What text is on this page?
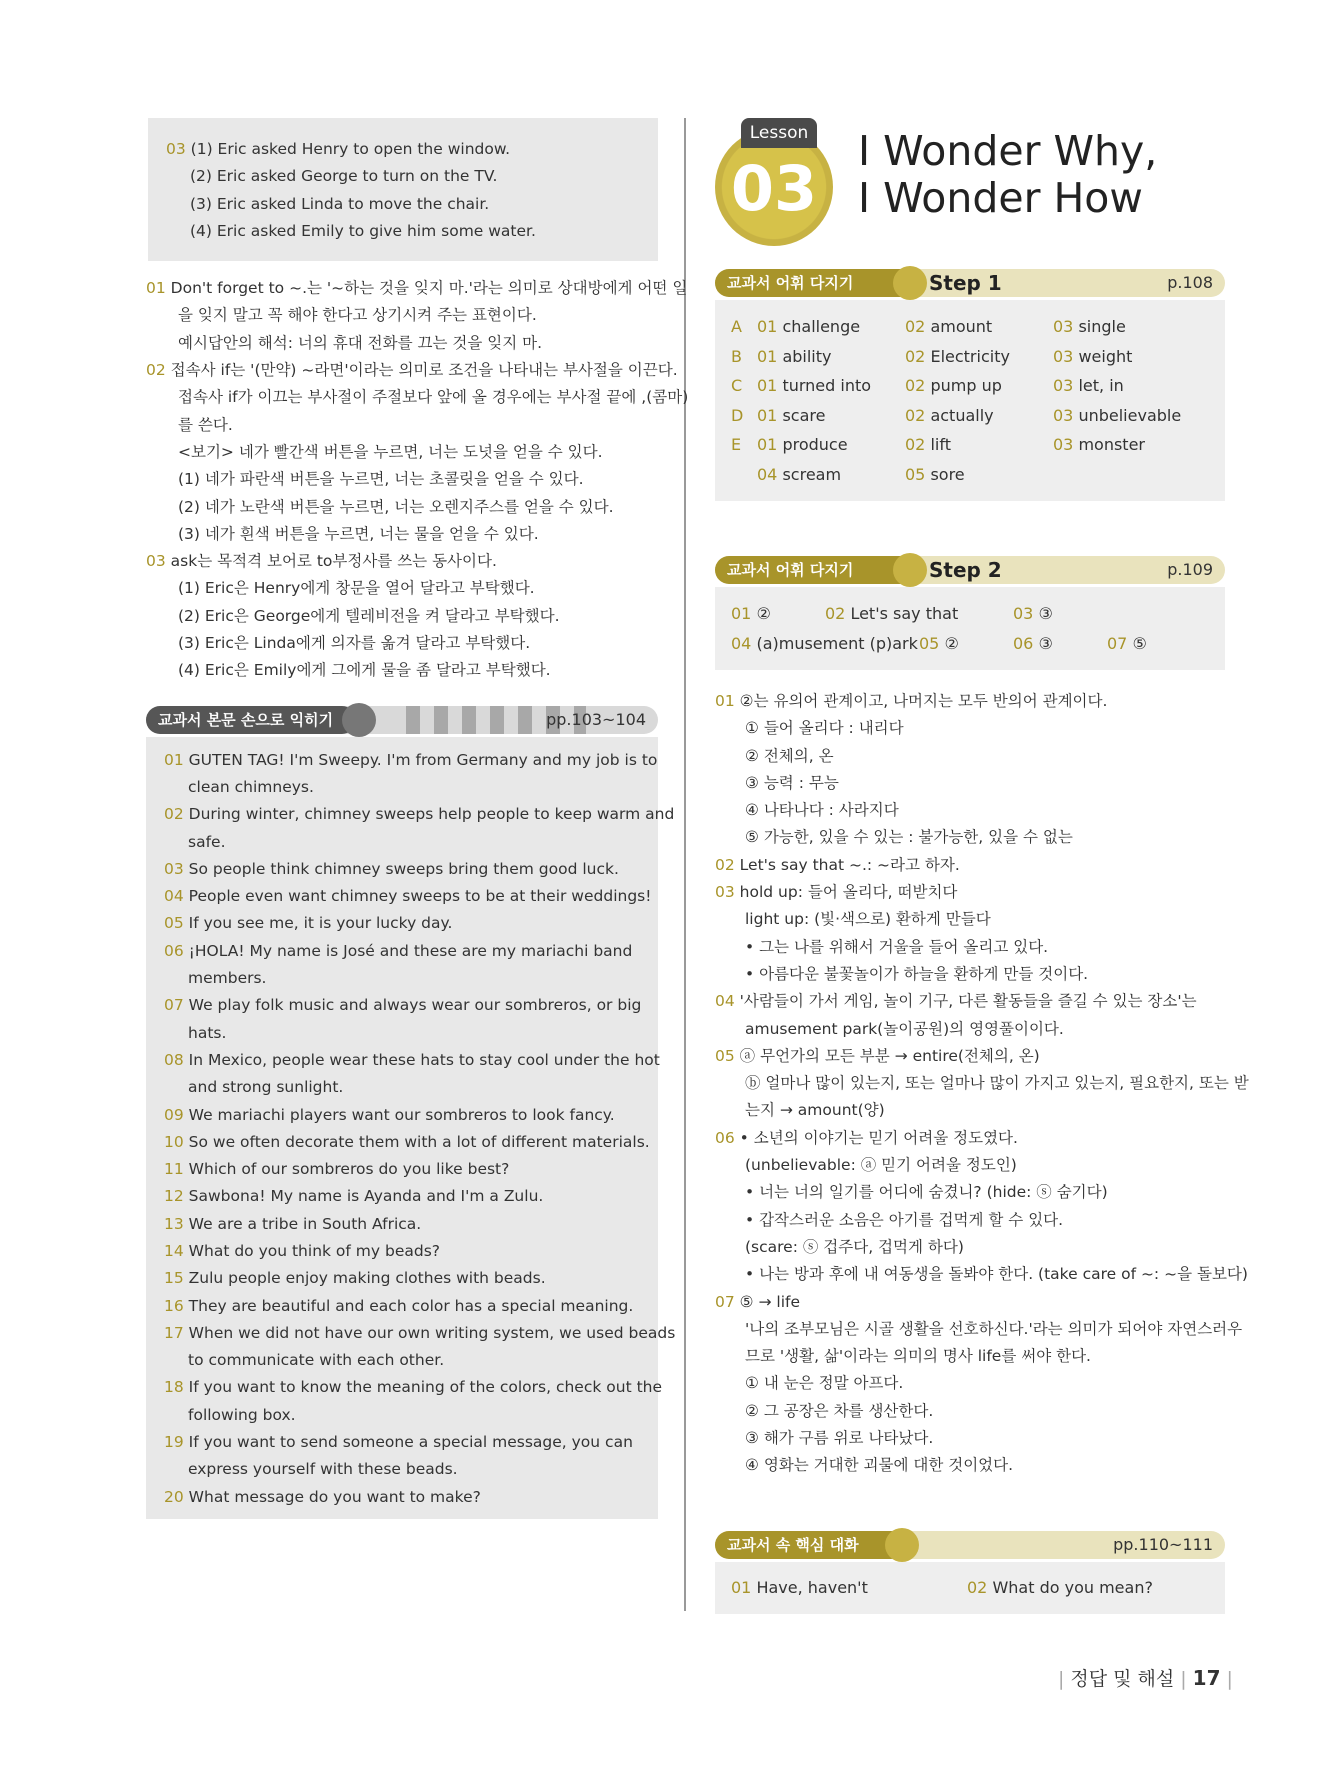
03 (1) Eric asked Henry to open the window.
(2) Eric asked George to turn on the TV.
(3) Eric asked Linda to move the chair.
(4) Eric asked Emily to give him some water.
01 Don't forget to ~.는 '~하는 것을 잊지 마.'라는 의미로 상대방에게 어떤 일
을 잊지 말고 꼭 해야 한다고 상기시켜 주는 표현이다.
예시답안의 해석: 너의 휴대 전화를 끄는 것을 잊지 마.
02 접속사 if는 '(만약) ~라면'이라는 의미로 조건을 나타내는 부사절을 이끈다.
접속사 if가 이끄는 부사절이 주절보다 앞에 올 경우에는 부사절 끝에 ,(콤마)
를 쓴다.
<보기> 네가 빨간색 버튼을 누르면, 너는 도넛을 얻을 수 있다.
(1) 네가 파란색 버튼을 누르면, 너는 초콜릿을 얻을 수 있다.
(2) 네가 노란색 버튼을 누르면, 너는 오렌지주스를 얻을 수 있다.
(3) 네가 흰색 버튼을 누르면, 너는 물을 얻을 수 있다.
03 ask는 목적격 보어로 to부정사를 쓰는 동사이다.
(1) Eric은 Henry에게 창문을 열어 달라고 부탁했다.
(2) Eric은 George에게 텔레비전을 켜 달라고 부탁했다.
(3) Eric은 Linda에게 의자를 옮겨 달라고 부탁했다.
(4) Eric은 Emily에게 그에게 물을 좀 달라고 부탁했다.
교과서 본문 손으로 익히기	pp.103~104
01 GUTEN TAG! I'm Sweepy. I'm from Germany and my job is to
clean chimneys.
02 During winter, chimney sweeps help people to keep warm and
safe.
03 So people think chimney sweeps bring them good luck.
04 People even want chimney sweeps to be at their weddings!
05 If you see me, it is your lucky day.
06 ¡HOLA! My name is José and these are my mariachi band
members.
07 We play folk music and always wear our sombreros, or big
hats.
08 In Mexico, people wear these hats to stay cool under the hot
and strong sunlight.
09 We mariachi players want our sombreros to look fancy.
10 So we often decorate them with a lot of different materials.
11 Which of our sombreros do you like best?
12 Sawbona! My name is Ayanda and I'm a Zulu.
13 We are a tribe in South Africa.
14 What do you think of my beads?
15 Zulu people enjoy making clothes with beads.
16 They are beautiful and each color has a special meaning.
17 When we did not have our own writing system, we used beads
to communicate with each other.
18 If you want to know the meaning of the colors, check out the
following box.
19 If you want to send someone a special message, you can
express yourself with these beads.
20 What message do you want to make?
Lesson
03
I Wonder Why,
I Wonder How
교과서 어휘 다지기	Step 1	p.108
A 01 challenge	02 amount	03 single
B 01 ability	02 Electricity	03 weight
C 01 turned into	02 pump up	03 let, in
D 01 scare	02 actually	03 unbelievable
E 01 produce	02 lift	03 monster
04 scream	05 sore
교과서 어휘 다지기	Step 2	p.109
01 ②	02 Let's say that	03 ③
04 (a)musement (p)ark 05 ②	06 ③	07 ⑤
01 ②는 유의어 관계이고, 나머지는 모두 반의어 관계이다.
① 들어 올리다 : 내리다
② 전체의, 온
③ 능력 : 무능
④ 나타나다 : 사라지다
⑤ 가능한, 있을 수 있는 : 불가능한, 있을 수 없는
02 Let's say that ~.: ~라고 하자.
03 hold up: 들어 올리다, 떠받치다
light up: (빛·색으로) 환하게 만들다
• 그는 나를 위해서 거울을 들어 올리고 있다.
• 아름다운 불꽃놀이가 하늘을 환하게 만들 것이다.
04 '사람들이 가서 게임, 놀이 기구, 다른 활동들을 즐길 수 있는 장소'는
amusement park(놀이공원)의 영영풀이이다.
05 ⓐ 무언가의 모든 부분 → entire(전체의, 온)
ⓑ 얼마나 많이 있는지, 또는 얼마나 많이 가지고 있는지, 필요한지, 또는 받
는지 → amount(양)
06 • 소년의 이야기는 믿기 어려울 정도였다.
(unbelievable: ⓐ 믿기 어려울 정도인)
• 너는 너의 일기를 어디에 숨겼니? (hide: ⓢ 숨기다)
• 갑작스러운 소음은 아기를 겁먹게 할 수 있다.
(scare: ⓢ 겁주다, 겁먹게 하다)
• 나는 방과 후에 내 여동생을 돌봐야 한다. (take care of ~: ~을 돌보다)
07 ⑤ → life
'나의 조부모님은 시골 생활을 선호하신다.'라는 의미가 되어야 자연스러우
므로 '생활, 삶'이라는 의미의 명사 life를 써야 한다.
① 내 눈은 정말 아프다.
② 그 공장은 차를 생산한다.
③ 해가 구름 위로 나타났다.
④ 영화는 거대한 괴물에 대한 것이었다.
교과서 속 핵심 대화	pp.110~111
01 Have, haven't	02 What do you mean?
| 정답 및 해설 | 17 |
